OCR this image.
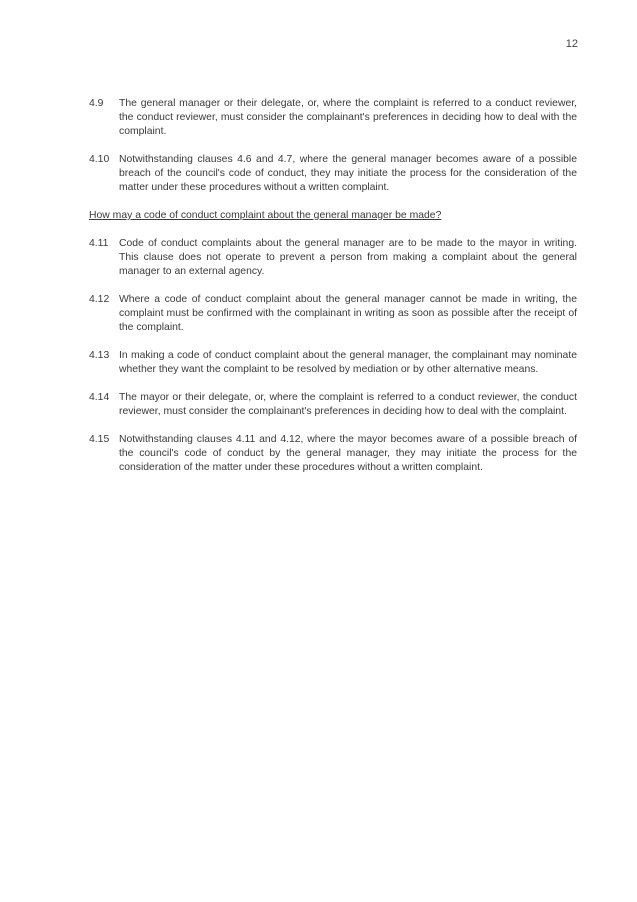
12
4.9	The general manager or their delegate, or, where the complaint is referred to a conduct reviewer, the conduct reviewer, must consider the complainant's preferences in deciding how to deal with the complaint.
4.10 Notwithstanding clauses 4.6 and 4.7, where the general manager becomes aware of a possible breach of the council's code of conduct, they may initiate the process for the consideration of the matter under these procedures without a written complaint.
How may a code of conduct complaint about the general manager be made?
4.11	Code of conduct complaints about the general manager are to be made to the mayor in writing. This clause does not operate to prevent a person from making a complaint about the general manager to an external agency.
4.12 Where a code of conduct complaint about the general manager cannot be made in writing, the complaint must be confirmed with the complainant in writing as soon as possible after the receipt of the complaint.
4.13 In making a code of conduct complaint about the general manager, the complainant may nominate whether they want the complaint to be resolved by mediation or by other alternative means.
4.14 The mayor or their delegate, or, where the complaint is referred to a conduct reviewer, the conduct reviewer, must consider the complainant's preferences in deciding how to deal with the complaint.
4.15 Notwithstanding clauses 4.11 and 4.12, where the mayor becomes aware of a possible breach of the council's code of conduct by the general manager, they may initiate the process for the consideration of the matter under these procedures without a written complaint.
